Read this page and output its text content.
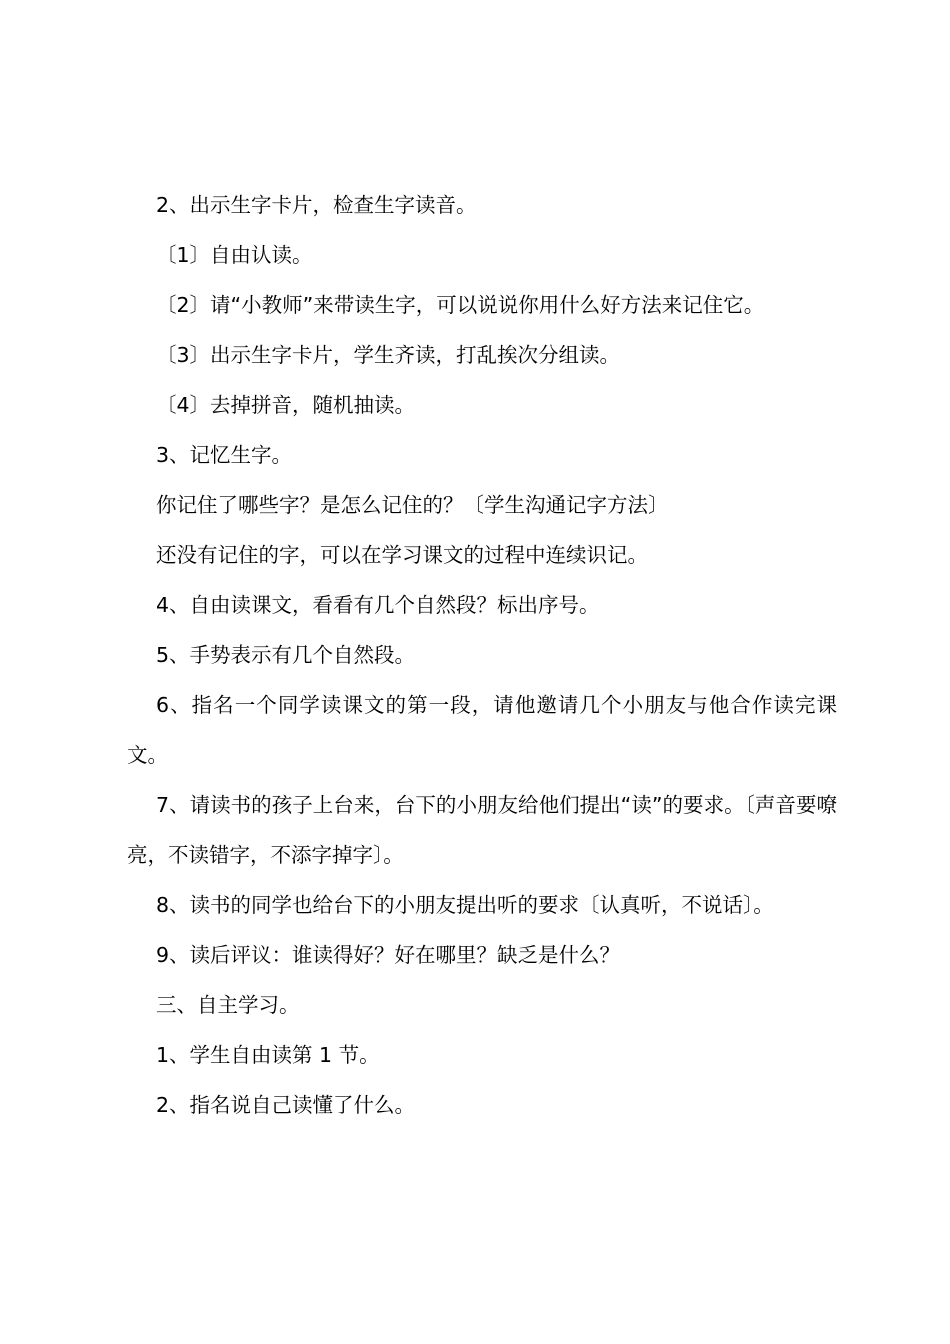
2、出示生字卡片，检查生字读音。

〔1〕自由认读。

〔2〕请“小教师”来带读生字，可以说说你用什么好方法来记住它。

〔3〕出示生字卡片，学生齐读，打乱挨次分组读。

〔4〕去掉拼音，随机抽读。

3、记忆生字。

你记住了哪些字？是怎么记住的？〔学生沟通记字方法〕

还没有记住的字，可以在学习课文的过程中连续识记。

4、自由读课文，看看有几个自然段？标出序号。

5、手势表示有几个自然段。

6、指名一个同学读课文的第一段，请他邀请几个小朋友与他合作读完课文。

7、请读书的孩子上台来，台下的小朋友给他们提出“读”的要求。〔声音要嘹亮，不读错字，不添字掉字〕。

8、读书的同学也给台下的小朋友提出听的要求〔认真听，不说话〕。

9、读后评议：谁读得好？好在哪里？缺乏是什么？

三、自主学习。

1、学生自由读第 1 节。

2、指名说自己读懂了什么。
